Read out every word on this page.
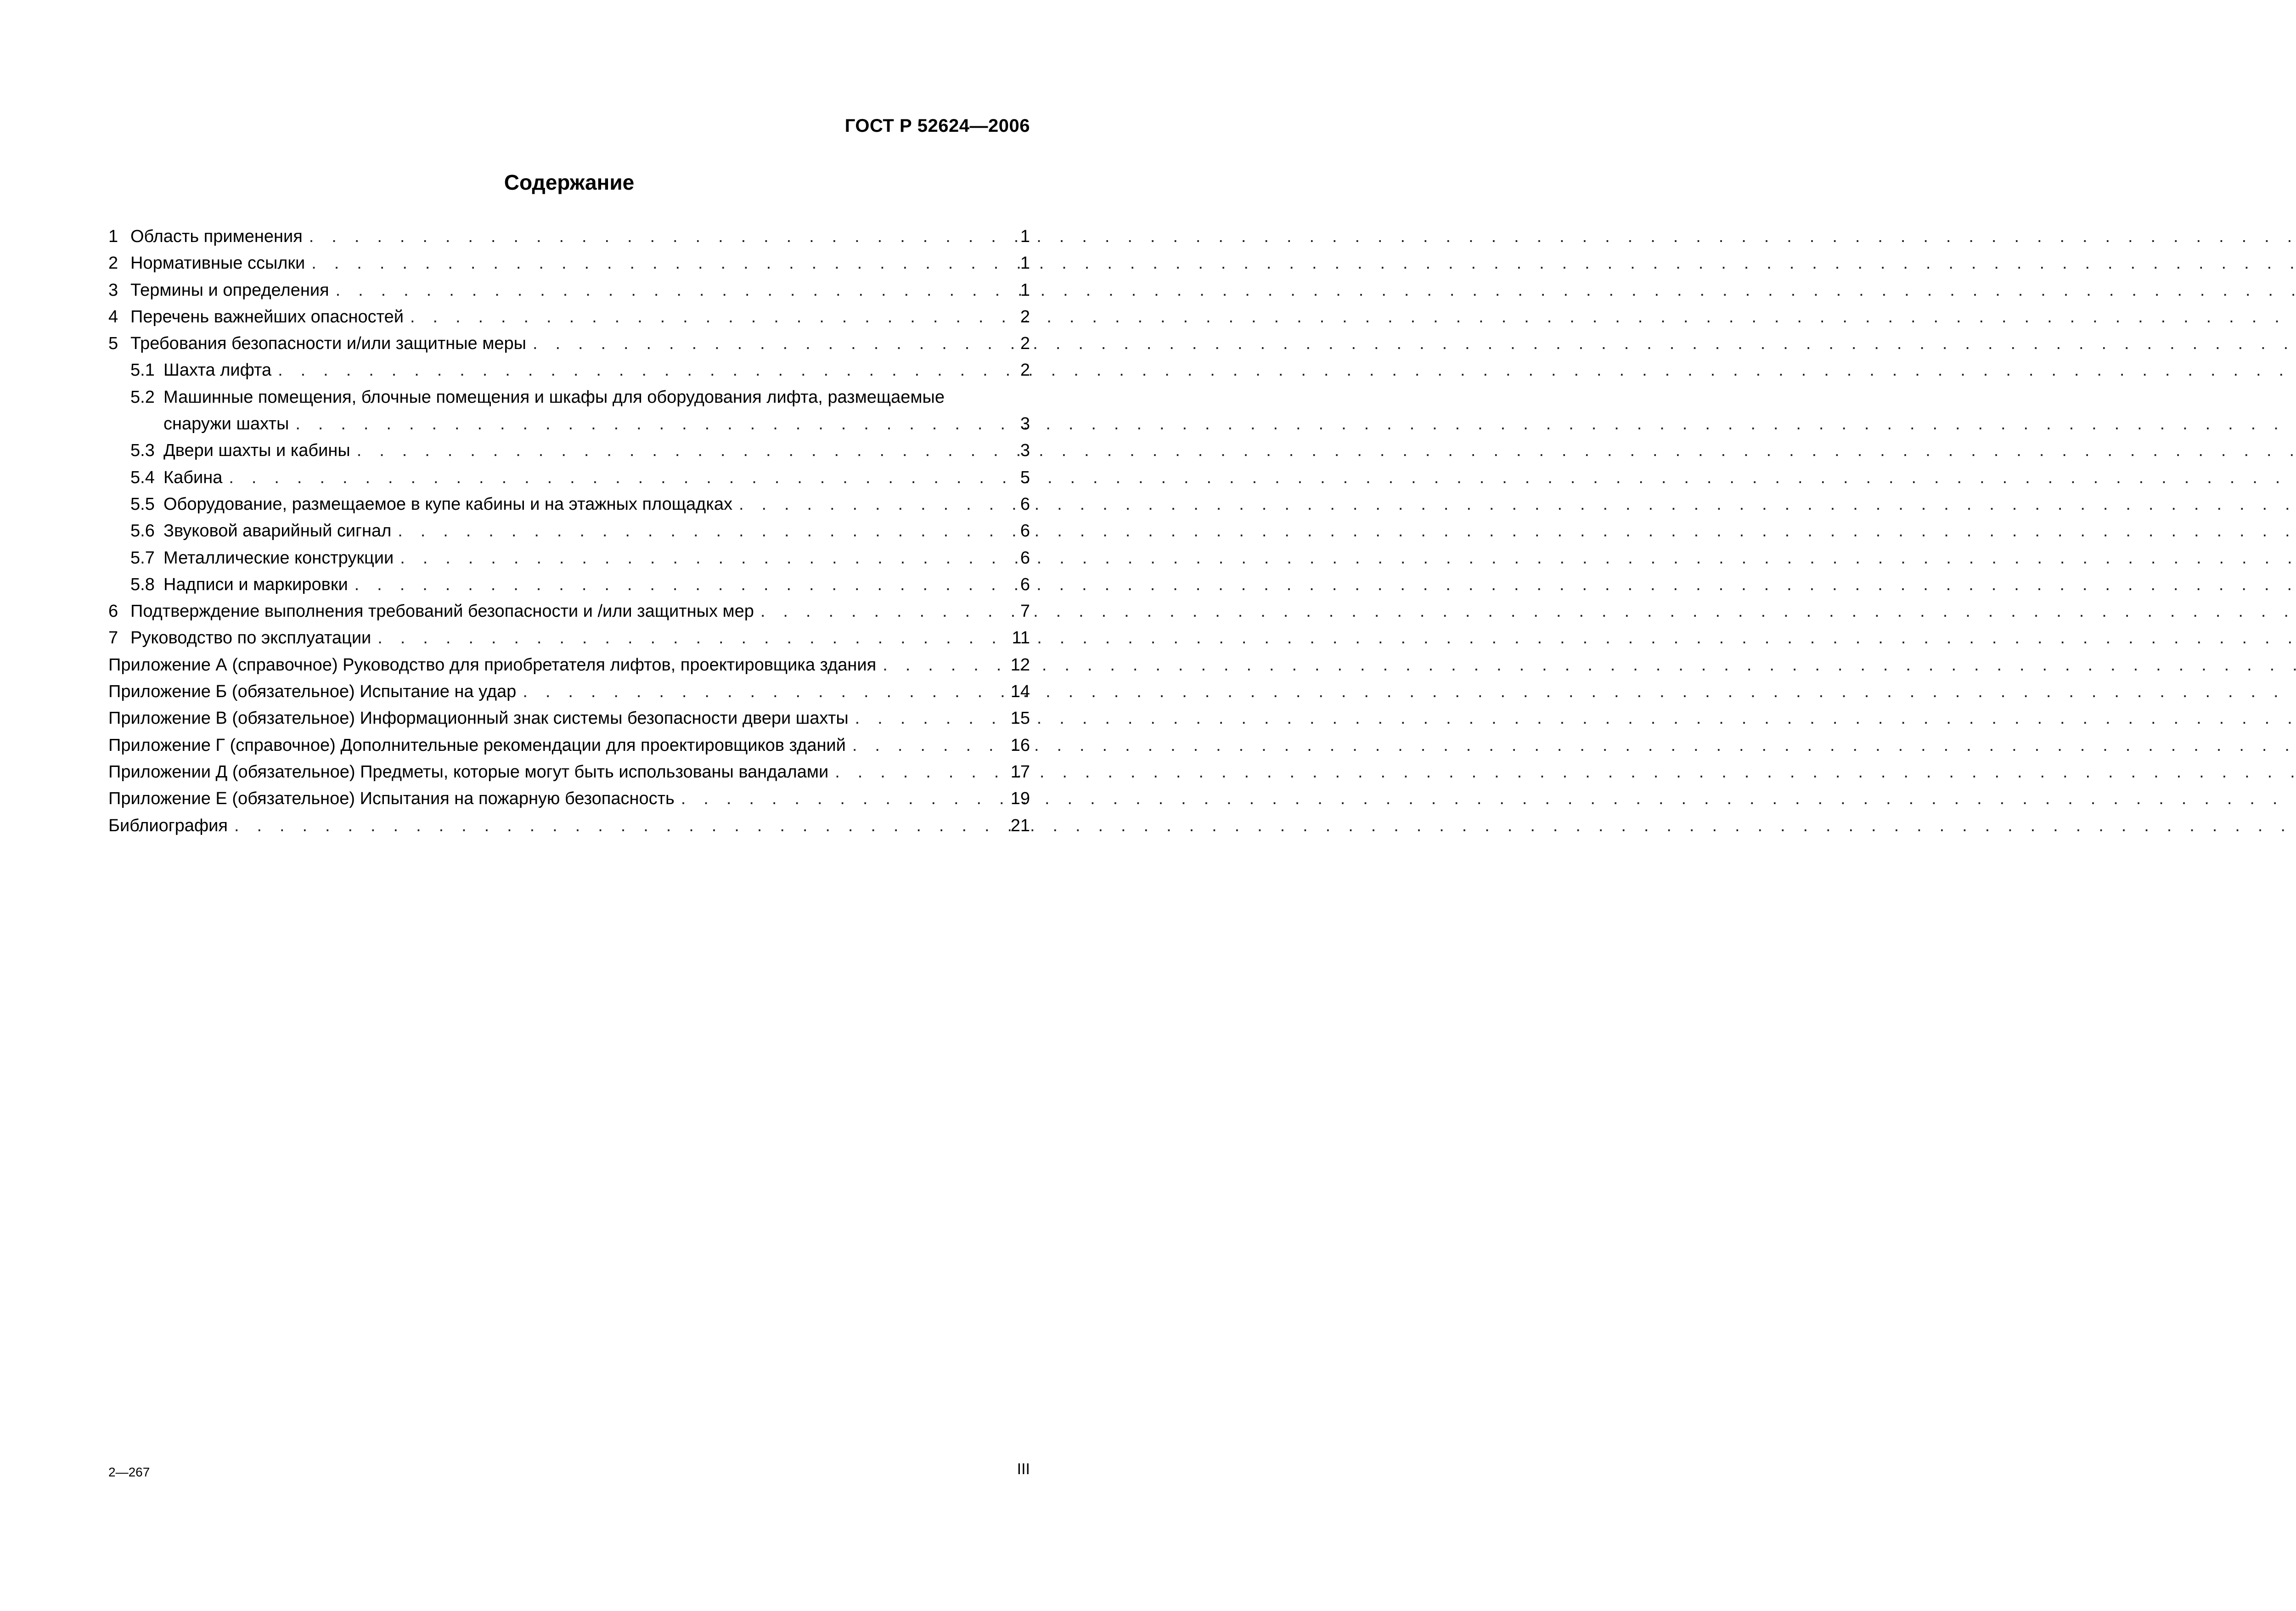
ГОСТ Р 52624—2006
Содержание
1 Область применения . . .	1
2 Нормативные ссылки . . .	1
3 Термины и определения . . .	1
4 Перечень важнейших опасностей . . .	2
5 Требования безопасности и/или защитные меры . . .	2
5.1 Шахта лифта . . .	2
5.2 Машинные помещения, блочные помещения и шкафы для оборудования лифта, размещаемые
снаружи шахты . . .	3
5.3 Двери шахты и кабины . . .	3
5.4 Кабина . . .	5
5.5 Оборудование, размещаемое в купе кабины и на этажных площадках . . .	6
5.6 Звуковой аварийный сигнал . . .	6
5.7 Металлические конструкции . . .	6
5.8 Надписи и маркировки . . .	6
6 Подтверждение выполнения требований безопасности и /или защитных мер . . .	7
7 Руководство по эксплуатации . . .	11
Приложение А (справочное) Руководство для приобретателя лифтов, проектировщика здания . . .	12
Приложение Б (обязательное) Испытание на удар . . .	14
Приложение В (обязательное) Информационный знак системы безопасности двери шахты . . .	15
Приложение Г (справочное) Дополнительные рекомендации для проектировщиков зданий . . .	16
Приложении Д (обязательное) Предметы, которые могут быть использованы вандалами . . .	17
Приложение Е (обязательное) Испытания на пожарную безопасность . . .	19
Библиография . . .	21
2—267	III
